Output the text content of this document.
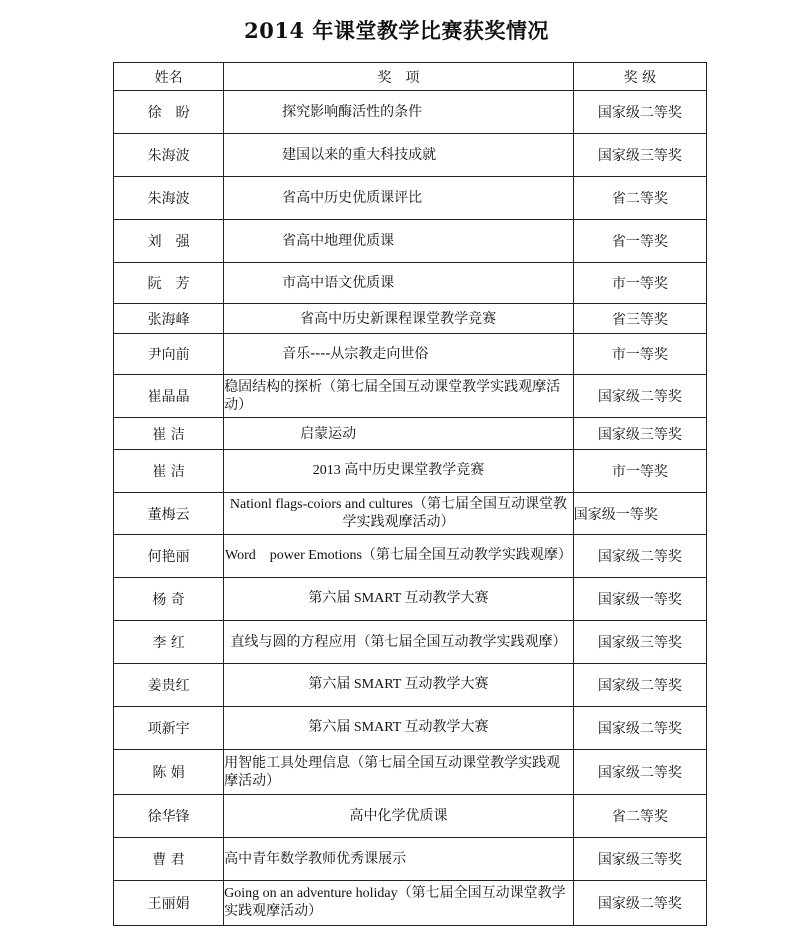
2014 年课堂教学比赛获奖情况
姓名	奖　项	奖 级
徐　盼	探究影响酶活性的条件	国家级二等奖
朱海波	建国以来的重大科技成就	国家级三等奖
朱海波	省高中历史优质课评比	省二等奖
刘　强	省高中地理优质课	省一等奖
阮　芳	市高中语文优质课	市一等奖
张海峰	省高中历史新课程课堂教学竞赛	省三等奖
尹向前	音乐----从宗教走向世俗	市一等奖
崔晶晶	稳固结构的探析（第七届全国互动课堂教学实践观摩活动）	国家级二等奖
崔 洁	启蒙运动	国家级三等奖
崔 洁	2013 高中历史课堂教学竞赛	市一等奖
董梅云	Nationl flags-coiors and cultures（第七届全国互动课堂教学实践观摩活动）	国家级一等奖
何艳丽	Word　power Emotions（第七届全国互动教学实践观摩）	国家级二等奖
杨 奇	第六届 SMART 互动教学大赛	国家级一等奖
李 红	直线与圆的方程应用（第七届全国互动教学实践观摩）	国家级三等奖
姜贵红	第六届 SMART 互动教学大赛	国家级二等奖
项新宇	第六届 SMART 互动教学大赛	国家级二等奖
陈 娟	用智能工具处理信息（第七届全国互动课堂教学实践观摩活动）	国家级二等奖
徐华锋	高中化学优质课	省二等奖
曹 君	高中青年数学教师优秀课展示	国家级三等奖
王丽娟	Going on an adventure holiday（第七届全国互动课堂教学实践观摩活动）	国家级二等奖
